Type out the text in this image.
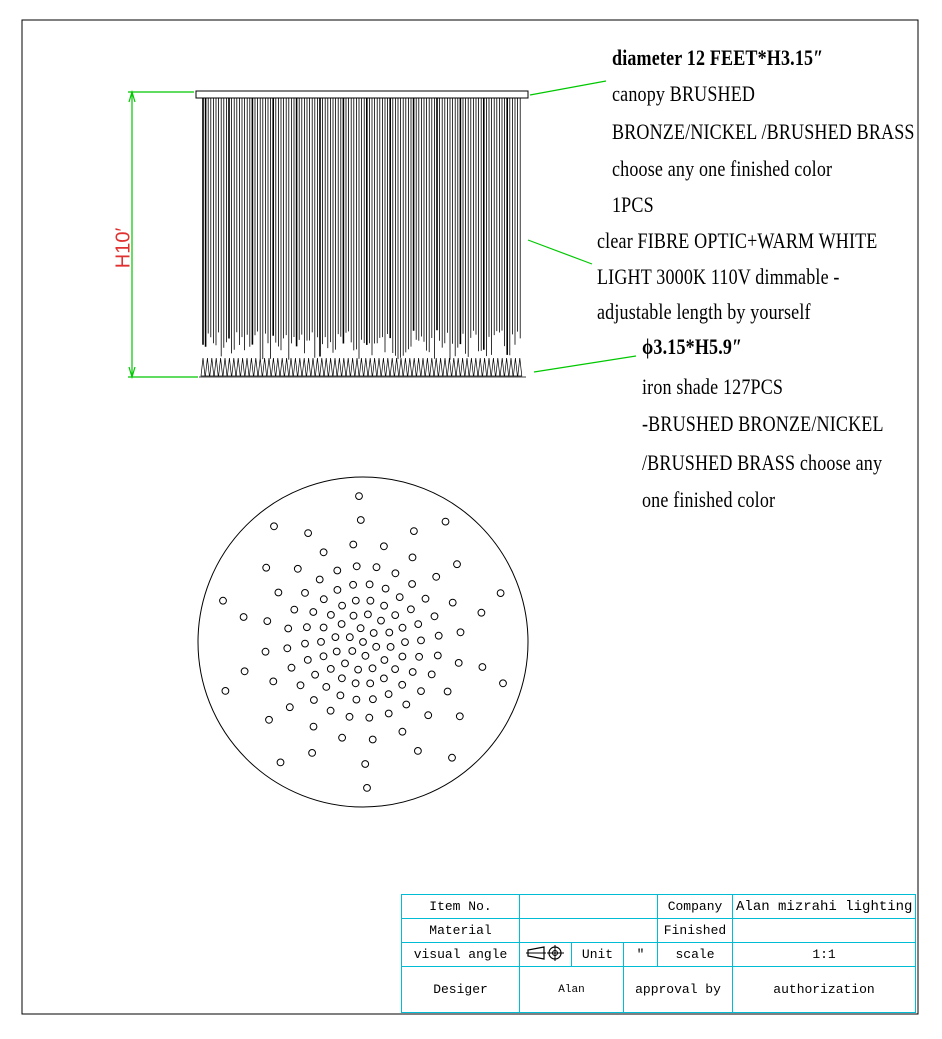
H10′
diameter 12 FEET*H3.15″
canopy BRUSHED
BRONZE/NICKEL /BRUSHED BRASS
choose any one finished color
1PCS
clear FIBRE OPTIC+WARM WHITE
LIGHT 3000K 110V dimmable -
adjustable length by yourself
ϕ3.15*H5.9″
iron shade 127PCS
-BRUSHED BRONZE/NICKEL
/BRUSHED BRASS choose any
one finished color
Item No.				Company	Alan mizrahi lighting
Material				Finished	
visual angle		Unit	″	scale	1:1
Desiger	Alan		approval by		authorization
